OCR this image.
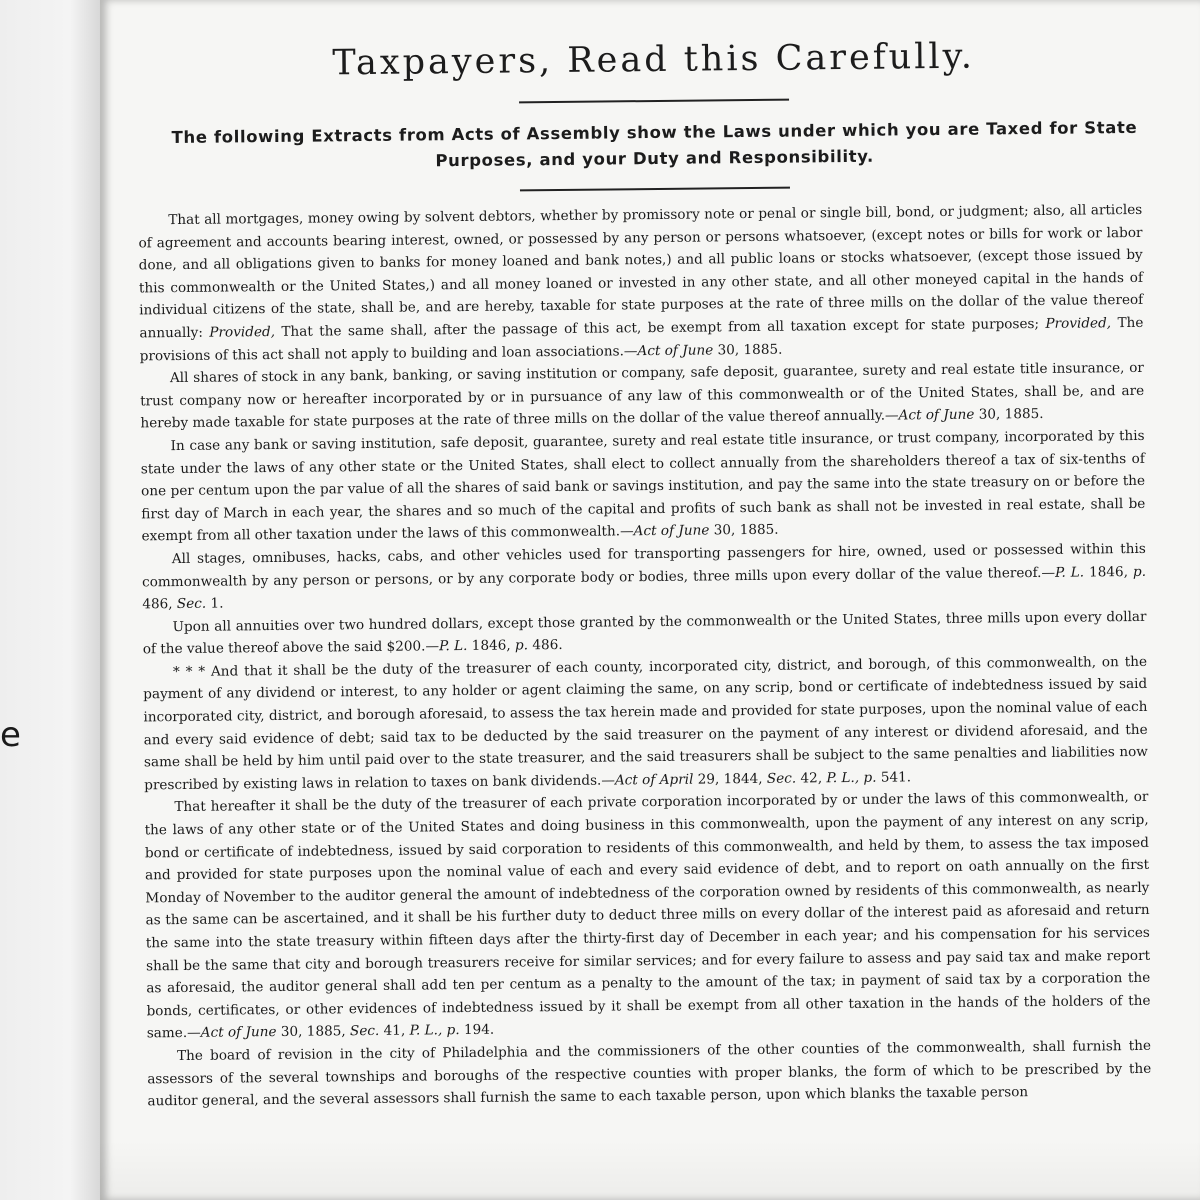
e
Taxpayers, Read this Carefully.
The following Extracts from Acts of Assembly show the Laws under which you are Taxed for State Purposes, and your Duty and Responsibility.

That all mortgages, money owing by solvent debtors, whether by promissory note or penal or single bill, bond, or judgment; also, all articles of agreement and accounts bearing interest, owned, or possessed by any person or persons whatsoever, (except notes or bills for work or labor done, and all obligations given to banks for money loaned and bank notes,) and all public loans or stocks whatsoever, (except those issued by this commonwealth or the United States,) and all money loaned or invested in any other state, and all other moneyed capital in the hands of individual citizens of the state, shall be, and are hereby, taxable for state purposes at the rate of three mills on the dollar of the value thereof annually: Provided, That the same shall, after the passage of this act, be exempt from all taxation except for state purposes; Provided, The provisions of this act shall not apply to building and loan associations.—Act of June 30, 1885.

All shares of stock in any bank, banking, or saving institution or company, safe deposit, guarantee, surety and real estate title insurance, or trust company now or hereafter incorporated by or in pursuance of any law of this commonwealth or of the United States, shall be, and are hereby made taxable for state purposes at the rate of three mills on the dollar of the value thereof annually.—Act of June 30, 1885.

In case any bank or saving institution, safe deposit, guarantee, surety and real estate title insurance, or trust company, incorporated by this state under the laws of any other state or the United States, shall elect to collect annually from the shareholders thereof a tax of six-tenths of one per centum upon the par value of all the shares of said bank or savings institution, and pay the same into the state treasury on or before the first day of March in each year, the shares and so much of the capital and profits of such bank as shall not be invested in real estate, shall be exempt from all other taxation under the laws of this commonwealth.—Act of June 30, 1885.

All stages, omnibuses, hacks, cabs, and other vehicles used for transporting passengers for hire, owned, used or possessed within this commonwealth by any person or persons, or by any corporate body or bodies, three mills upon every dollar of the value thereof.—P. L. 1846, p. 486, Sec. 1.

Upon all annuities over two hundred dollars, except those granted by the commonwealth or the United States, three mills upon every dollar of the value thereof above the said $200.—P. L. 1846, p. 486.

* * * And that it shall be the duty of the treasurer of each county, incorporated city, district, and borough, of this commonwealth, on the payment of any dividend or interest, to any holder or agent claiming the same, on any scrip, bond or certificate of indebtedness issued by said incorporated city, district, and borough aforesaid, to assess the tax herein made and provided for state purposes, upon the nominal value of each and every said evidence of debt; said tax to be deducted by the said treasurer on the payment of any interest or dividend aforesaid, and the same shall be held by him until paid over to the state treasurer, and the said treasurers shall be subject to the same penalties and liabilities now prescribed by existing laws in relation to taxes on bank dividends.—Act of April 29, 1844, Sec. 42, P. L., p. 541.

That hereafter it shall be the duty of the treasurer of each private corporation incorporated by or under the laws of this commonwealth, or the laws of any other state or of the United States and doing business in this commonwealth, upon the payment of any interest on any scrip, bond or certificate of indebtedness, issued by said corporation to residents of this commonwealth, and held by them, to assess the tax imposed and provided for state purposes upon the nominal value of each and every said evidence of debt, and to report on oath annually on the first Monday of November to the auditor general the amount of indebtedness of the corporation owned by residents of this commonwealth, as nearly as the same can be ascertained, and it shall be his further duty to deduct three mills on every dollar of the interest paid as aforesaid and return the same into the state treasury within fifteen days after the thirty-first day of December in each year; and his compensation for his services shall be the same that city and borough treasurers receive for similar services; and for every failure to assess and pay said tax and make report as aforesaid, the auditor general shall add ten per centum as a penalty to the amount of the tax; in payment of said tax by a corporation the bonds, certificates, or other evidences of indebtedness issued by it shall be exempt from all other taxation in the hands of the holders of the same.—Act of June 30, 1885, Sec. 41, P. L., p. 194.

The board of revision in the city of Philadelphia and the commissioners of the other counties of the commonwealth, shall furnish the assessors of the several townships and boroughs of the respective counties with proper blanks, the form of which to be prescribed by the auditor general, and the several assessors shall furnish the same to each taxable person, upon which blanks the taxable person
